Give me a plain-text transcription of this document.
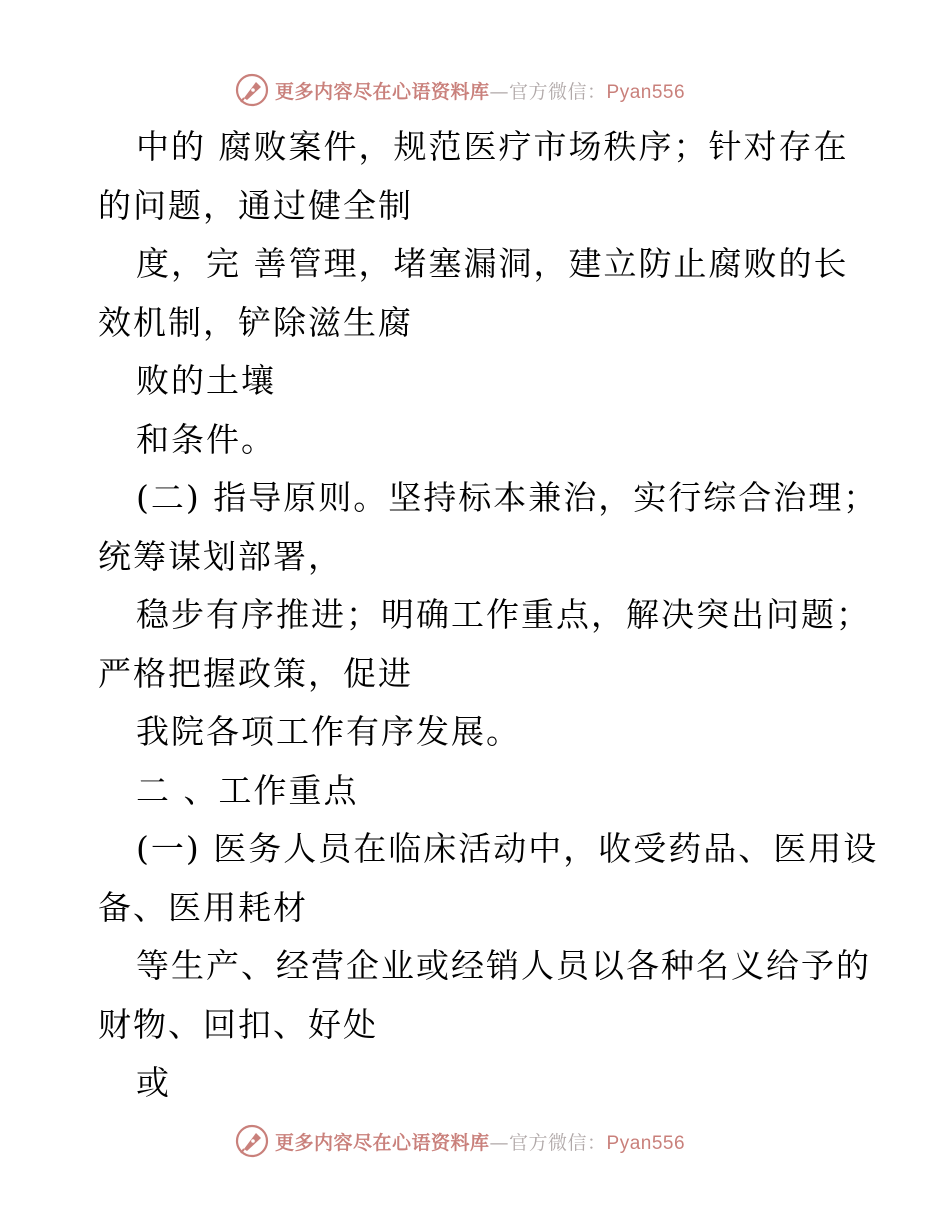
更多内容尽在心语资料库—官方微信：Pyan556
中的 腐败案件，规范医疗市场秩序；针对存在
的问题，通过健全制
度，完 善管理，堵塞漏洞，建立防止腐败的长
效机制，铲除滋生腐
败的土壤
和条件。
(二) 指导原则。坚持标本兼治，实行综合治理；
统筹谋划部署，
稳步有序推进；明确工作重点，解决突出问题；
严格把握政策，促进
我院各项工作有序发展。
二 、工作重点
(一) 医务人员在临床活动中，收受药品、医用设
备、医用耗材
等生产、经营企业或经销人员以各种名义给予的
财物、回扣、好处
或
更多内容尽在心语资料库—官方微信：Pyan556
